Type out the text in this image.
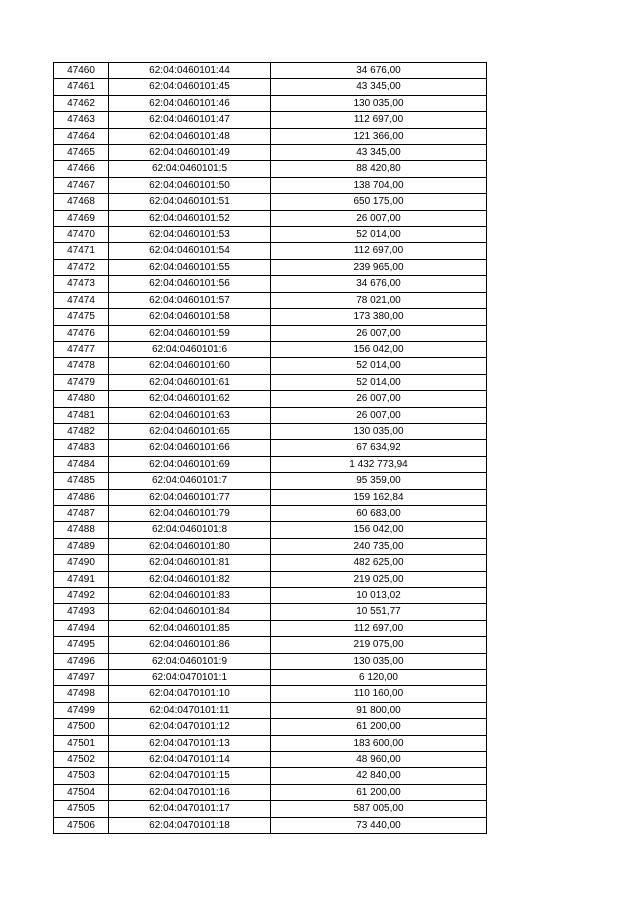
47460	62:04:0460101:44	34 676,00
47461	62:04:0460101:45	43 345,00
47462	62:04:0460101:46	130 035,00
47463	62:04:0460101:47	112 697,00
47464	62:04:0460101:48	121 366,00
47465	62:04:0460101:49	43 345,00
47466	62:04:0460101:5	88 420,80
47467	62:04:0460101:50	138 704,00
47468	62:04:0460101:51	650 175,00
47469	62:04:0460101:52	26 007,00
47470	62:04:0460101:53	52 014,00
47471	62:04:0460101:54	112 697,00
47472	62:04:0460101:55	239 965,00
47473	62:04:0460101:56	34 676,00
47474	62:04:0460101:57	78 021,00
47475	62:04:0460101:58	173 380,00
47476	62:04:0460101:59	26 007,00
47477	62:04:0460101:6	156 042,00
47478	62:04:0460101:60	52 014,00
47479	62:04:0460101:61	52 014,00
47480	62:04:0460101:62	26 007,00
47481	62:04:0460101:63	26 007,00
47482	62:04:0460101:65	130 035,00
47483	62:04:0460101:66	67 634,92
47484	62:04:0460101:69	1 432 773,94
47485	62:04:0460101:7	95 359,00
47486	62:04:0460101:77	159 162,84
47487	62:04:0460101:79	60 683,00
47488	62:04:0460101:8	156 042,00
47489	62:04:0460101:80	240 735,00
47490	62:04:0460101:81	482 625,00
47491	62:04:0460101:82	219 025,00
47492	62:04:0460101:83	10 013,02
47493	62:04:0460101:84	10 551,77
47494	62:04:0460101:85	112 697,00
47495	62:04:0460101:86	219 075,00
47496	62:04:0460101:9	130 035,00
47497	62:04:0470101:1	6 120,00
47498	62:04:0470101:10	110 160,00
47499	62:04:0470101:11	91 800,00
47500	62:04:0470101:12	61 200,00
47501	62:04:0470101:13	183 600,00
47502	62:04:0470101:14	48 960,00
47503	62:04:0470101:15	42 840,00
47504	62:04:0470101:16	61 200,00
47505	62:04:0470101:17	587 005,00
47506	62:04:0470101:18	73 440,00
